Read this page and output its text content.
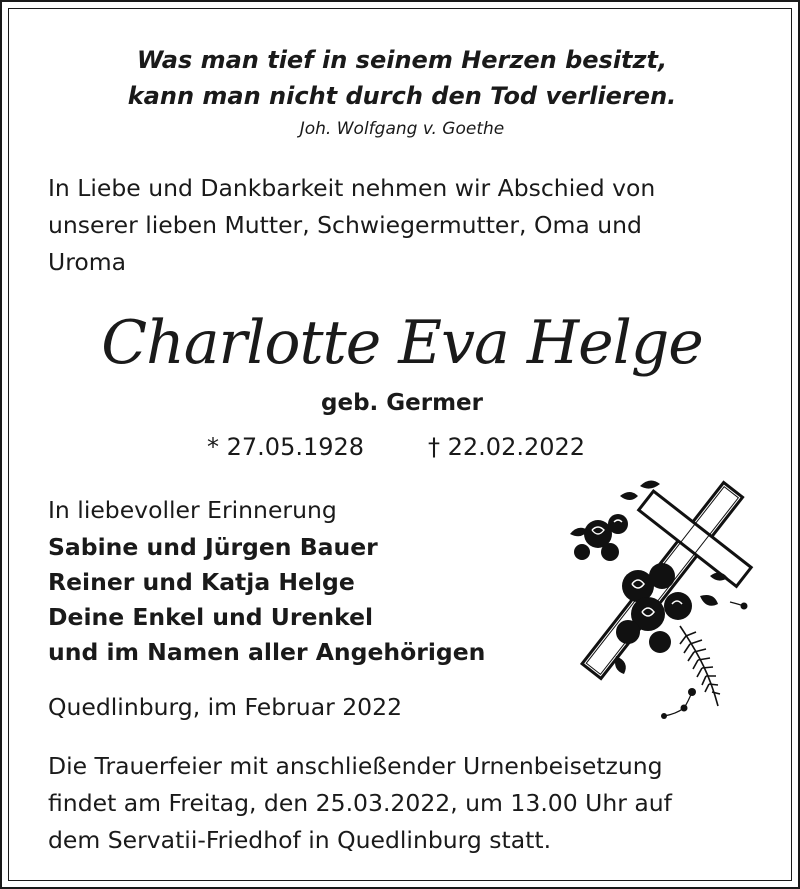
Was man tief in seinem Herzen besitzt,
kann man nicht durch den Tod verlieren.
Joh. Wolfgang v. Goethe
In Liebe und Dankbarkeit nehmen wir Abschied von
unserer lieben Mutter, Schwiegermutter, Oma und
Uroma
Charlotte Eva Helge
geb. Germer
* 27.05.1928	† 22.02.2022
In liebevoller Erinnerung
Sabine und Jürgen Bauer
Reiner und Katja Helge
Deine Enkel und Urenkel
und im Namen aller Angehörigen
Quedlinburg, im Februar 2022
Die Trauerfeier mit anschließender Urnenbeisetzung
findet am Freitag, den 25.03.2022, um 13.00 Uhr auf
dem Servatii-Friedhof in Quedlinburg statt.
